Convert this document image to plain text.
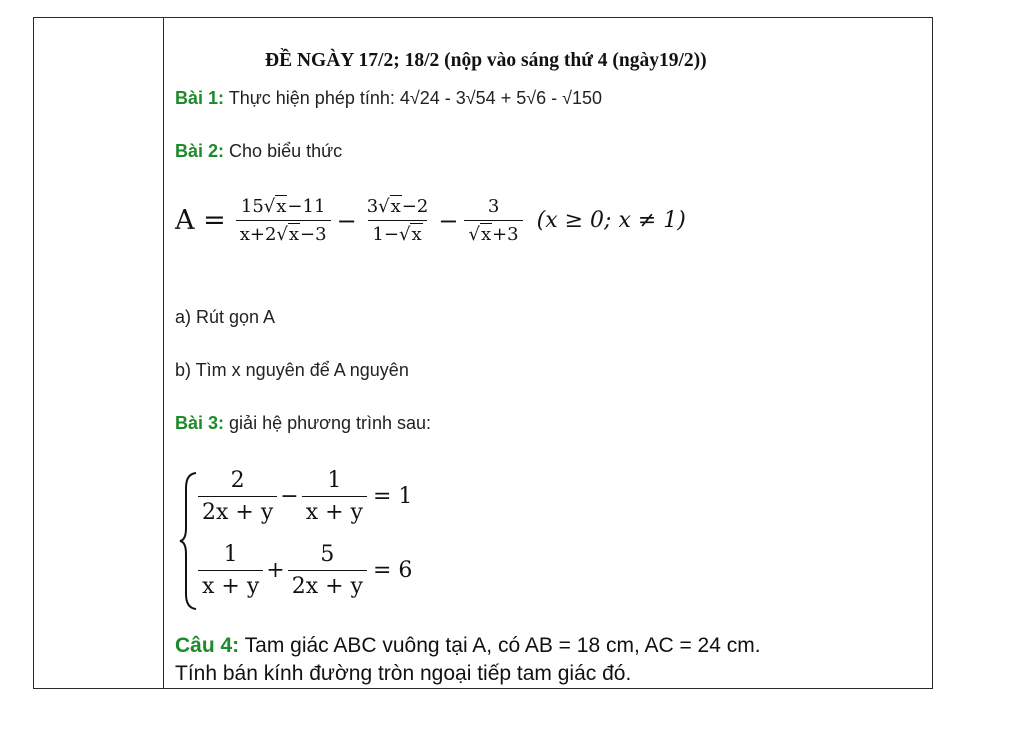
ĐỀ NGÀY 17/2; 18/2 (nộp vào sáng thứ 4 (ngày19/2))
Bài 1: Thực hiện phép tính: 4√24 - 3√54 + 5√6 - √150
Bài 2: Cho biểu thức
$A = \frac{15√x-11}{x+2√x-3} - \frac{3√x-2}{1-√x} - \frac{3}{√x+3} (x \ge 0$; x ≠ 1)
a) Rút gọn A
b) Tìm x nguyên để A nguyên
Bài 3: giải hệ phương trình sau:
$\frac{2}{2x + y} - \frac{1}{x + y} = 1$
$\frac{1}{x + y} + \frac{5}{2x + y} = 6$
Câu 4: Tam giác ABC vuông tại A, có AB = 18 cm, AC = 24 cm.
Tính bán kính đường tròn ngoại tiếp tam giác đó.
